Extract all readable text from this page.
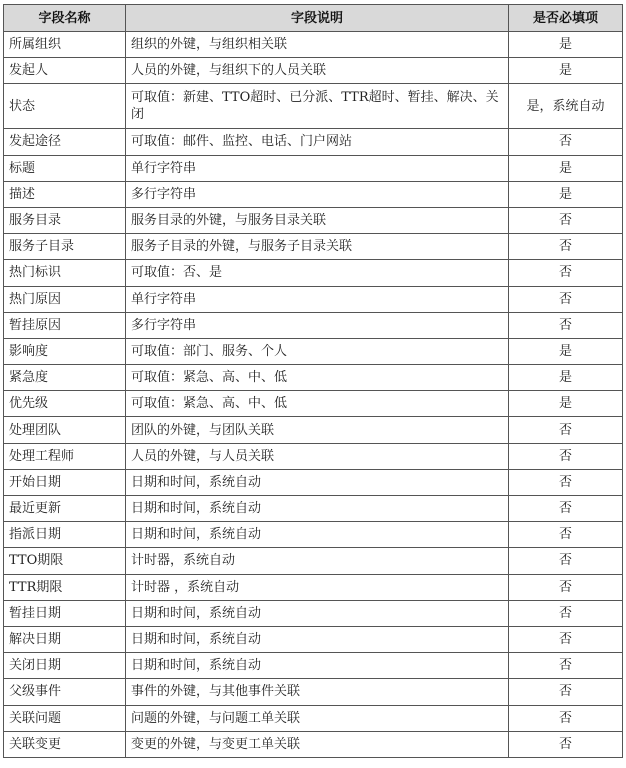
字段名称	字段说明	是否必填项
所属组织	组织的外键，与组织相关联	是
发起人	人员的外键，与组织下的人员关联	是
状态	可取值：新建、TTO超时、已分派、TTR超时、暂挂、解决、关闭	是，系统自动
发起途径	可取值：邮件、监控、电话、门户网站	否
标题	单行字符串	是
描述	多行字符串	是
服务目录	服务目录的外键，与服务目录关联	否
服务子目录	服务子目录的外键，与服务子目录关联	否
热门标识	可取值：否、是	否
热门原因	单行字符串	否
暂挂原因	多行字符串	否
影响度	可取值：部门、服务、个人	是
紧急度	可取值：紧急、高、中、低	是
优先级	可取值：紧急、高、中、低	是
处理团队	团队的外键，与团队关联	否
处理工程师	人员的外键，与人员关联	否
开始日期	日期和时间，系统自动	否
最近更新	日期和时间，系统自动	否
指派日期	日期和时间，系统自动	否
TTO期限	计时器，系统自动	否
TTR期限	计时器 ，系统自动	否
暂挂日期	日期和时间，系统自动	否
解决日期	日期和时间，系统自动	否
关闭日期	日期和时间，系统自动	否
父级事件	事件的外键，与其他事件关联	否
关联问题	问题的外键，与问题工单关联	否
关联变更	变更的外键，与变更工单关联	否
